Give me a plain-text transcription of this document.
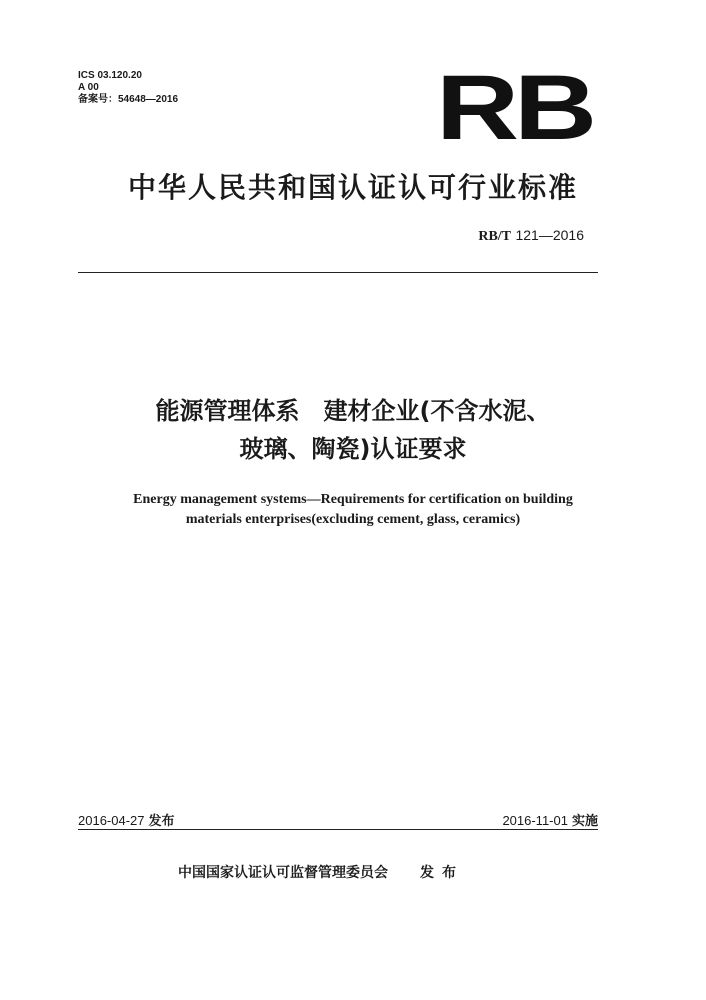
ICS 03.120.20
A 00
备案号：54648—2016	RB
中华人民共和国认证认可行业标准
RB/T 121—2016
能源管理体系　建材企业(不含水泥、
玻璃、陶瓷)认证要求
Energy management systems—Requirements for certification on building
materials enterprises(excluding cement, glass, ceramics)
2016-04-27 发布	2016-11-01 实施
中国国家认证认可监督管理委员会 发布
